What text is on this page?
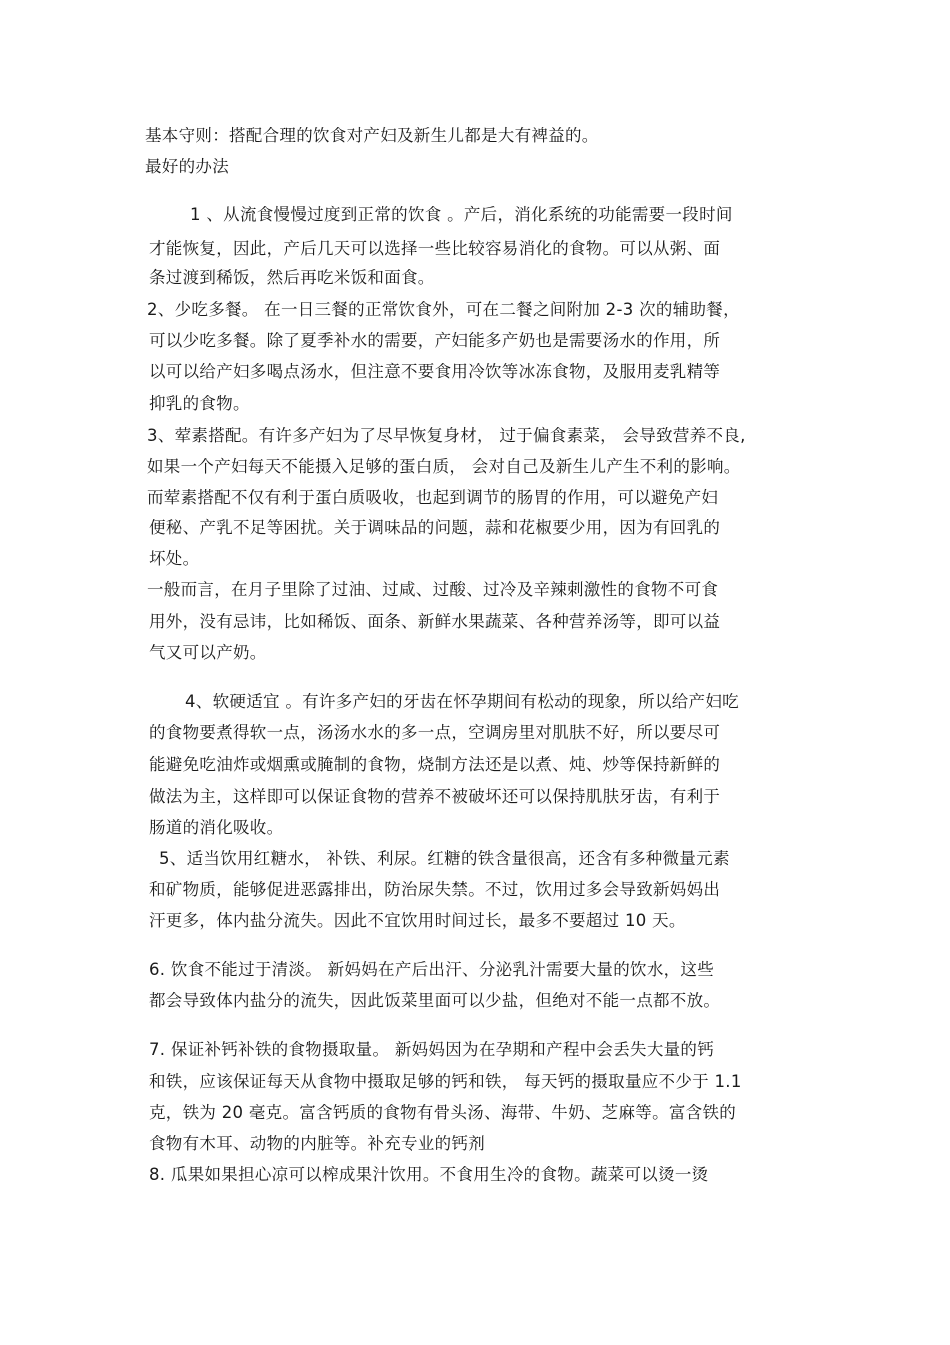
基本守则：搭配合理的饮食对产妇及新生儿都是大有裨益的。
最好的办法
1 、从流食慢慢过度到正常的饮食 。产后，消化系统的功能需要一段时间
才能恢复，因此，产后几天可以选择一些比较容易消化的食物。可以从粥、面
条过渡到稀饭，然后再吃米饭和面食。
2、少吃多餐。 在一日三餐的正常饮食外，可在二餐之间附加 2-3 次的辅助餐，
可以少吃多餐。除了夏季补水的需要，产妇能多产奶也是需要汤水的作用，所
以可以给产妇多喝点汤水，但注意不要食用冷饮等冰冻食物，及服用麦乳精等
抑乳的食物。
3、荤素搭配。有许多产妇为了尽早恢复身材， 过于偏食素菜， 会导致营养不良,
如果一个产妇每天不能摄入足够的蛋白质， 会对自己及新生儿产生不利的影响。
而荤素搭配不仅有利于蛋白质吸收，也起到调节的肠胃的作用，可以避免产妇
便秘、产乳不足等困扰。关于调味品的问题，蒜和花椒要少用，因为有回乳的
坏处。
一般而言，在月子里除了过油、过咸、过酸、过冷及辛辣刺激性的食物不可食
用外，没有忌讳，比如稀饭、面条、新鲜水果蔬菜、各种营养汤等，即可以益
气又可以产奶。
4、软硬适宜 。有许多产妇的牙齿在怀孕期间有松动的现象，所以给产妇吃
的食物要煮得软一点，汤汤水水的多一点，空调房里对肌肤不好，所以要尽可
能避免吃油炸或烟熏或腌制的食物，烧制方法还是以煮、炖、炒等保持新鲜的
做法为主，这样即可以保证食物的营养不被破坏还可以保持肌肤牙齿，有利于
肠道的消化吸收。
5、适当饮用红糖水， 补铁、利尿。红糖的铁含量很高，还含有多种微量元素
和矿物质，能够促进恶露排出，防治尿失禁。不过，饮用过多会导致新妈妈出
汗更多，体内盐分流失。因此不宜饮用时间过长，最多不要超过 10 天。
6. 饮食不能过于清淡。 新妈妈在产后出汗、分泌乳汁需要大量的饮水，这些
都会导致体内盐分的流失，因此饭菜里面可以少盐，但绝对不能一点都不放。
7. 保证补钙补铁的食物摄取量。 新妈妈因为在孕期和产程中会丢失大量的钙
和铁，应该保证每天从食物中摄取足够的钙和铁， 每天钙的摄取量应不少于 1.1
克，铁为 20 毫克。富含钙质的食物有骨头汤、海带、牛奶、芝麻等。富含铁的
食物有木耳、动物的内脏等。补充专业的钙剂
8. 瓜果如果担心凉可以榨成果汁饮用。不食用生冷的食物。蔬菜可以烫一烫
